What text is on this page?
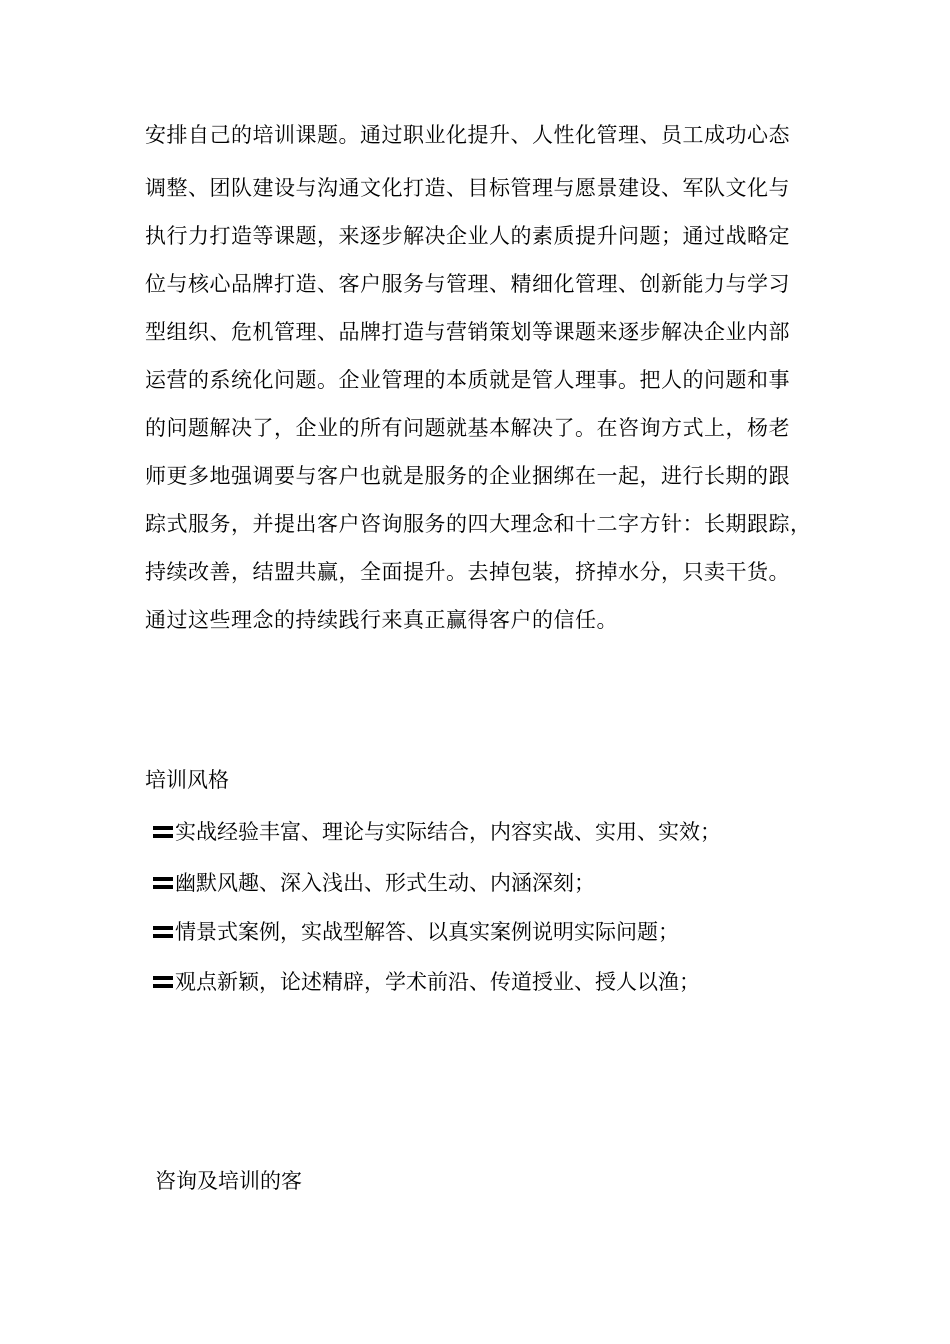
安排自己的培训课题。通过职业化提升、人性化管理、员工成功心态
调整、团队建设与沟通文化打造、目标管理与愿景建设、军队文化与
执行力打造等课题，来逐步解决企业人的素质提升问题；通过战略定
位与核心品牌打造、客户服务与管理、精细化管理、创新能力与学习
型组织、危机管理、品牌打造与营销策划等课题来逐步解决企业内部
运营的系统化问题。企业管理的本质就是管人理事。把人的问题和事
的问题解决了，企业的所有问题就基本解决了。在咨询方式上，杨老
师更多地强调要与客户也就是服务的企业捆绑在一起，进行长期的跟
踪式服务，并提出客户咨询服务的四大理念和十二字方针：长期跟踪，
持续改善，结盟共赢，全面提升。去掉包装，挤掉水分，只卖干货。
通过这些理念的持续践行来真正赢得客户的信任。
培训风格
实战经验丰富、理论与实际结合，内容实战、实用、实效；
幽默风趣、深入浅出、形式生动、内涵深刻；
情景式案例，实战型解答、以真实案例说明实际问题；
观点新颖，论述精辟，学术前沿、传道授业、授人以渔；
咨询及培训的客
